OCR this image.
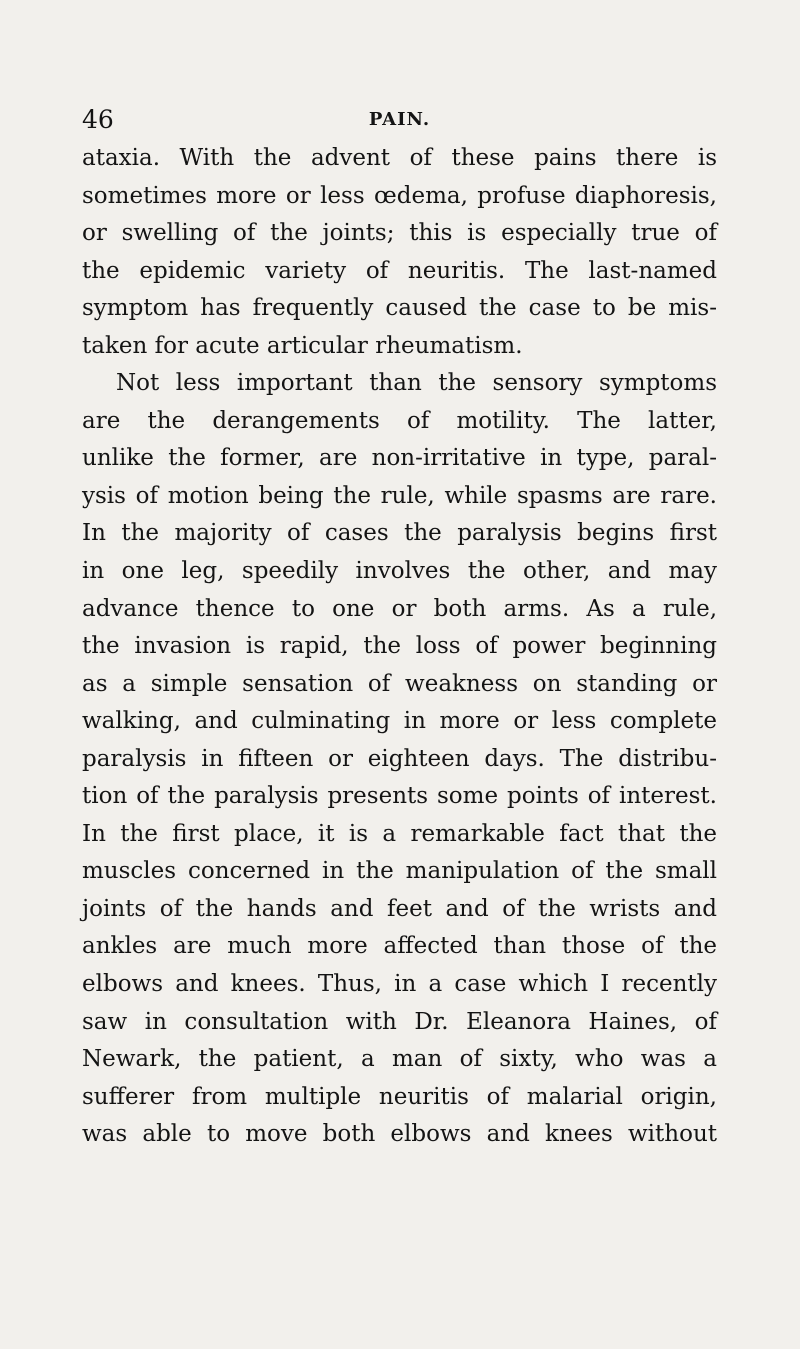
46	PAIN.
ataxia. With the advent of these pains there is
sometimes more or less œdema, profuse diaphoresis,
or swelling of the joints; this is especially true of
the epidemic variety of neuritis. The last-named
symptom has frequently caused the case to be mis-
taken for acute articular rheumatism.
Not less important than the sensory symptoms
are the derangements of motility. The latter,
unlike the former, are non-irritative in type, paral-
ysis of motion being the rule, while spasms are rare.
In the majority of cases the paralysis begins first
in one leg, speedily involves the other, and may
advance thence to one or both arms. As a rule,
the invasion is rapid, the loss of power beginning
as a simple sensation of weakness on standing or
walking, and culminating in more or less complete
paralysis in fifteen or eighteen days. The distribu-
tion of the paralysis presents some points of interest.
In the first place, it is a remarkable fact that the
muscles concerned in the manipulation of the small
joints of the hands and feet and of the wrists and
ankles are much more affected than those of the
elbows and knees. Thus, in a case which I recently
saw in consultation with Dr. Eleanora Haines, of
Newark, the patient, a man of sixty, who was a
sufferer from multiple neuritis of malarial origin,
was able to move both elbows and knees without
